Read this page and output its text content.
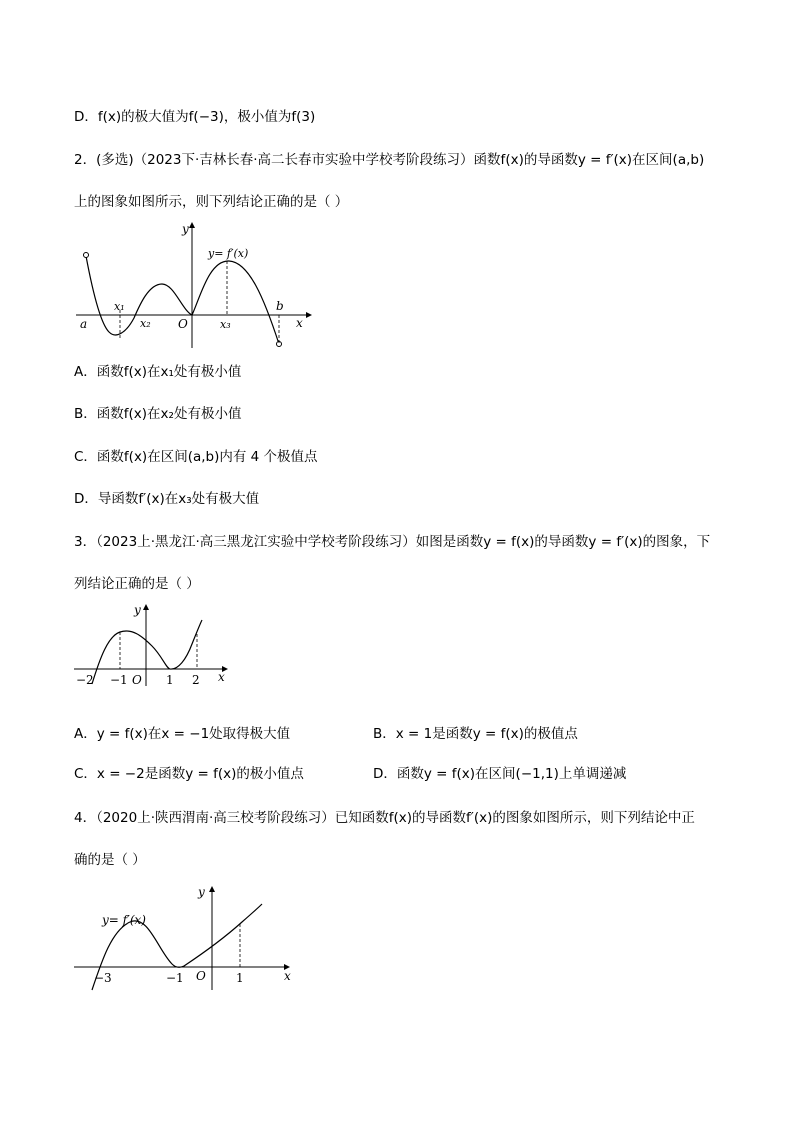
D．f(x)的极大值为f(−3)，极小值为f(3)
2．(多选)（2023下·吉林长春·高二长春市实验中学校考阶段练习）函数f(x)的导函数y = f′(x)在区间(a,b)
上的图象如图所示，则下列结论正确的是（ ）
y
x
O
a
b
x₁
x₂	x₃
y= f′(x)
A．函数f(x)在x₁处有极小值
B．函数f(x)在x₂处有极小值
C．函数f(x)在区间(a,b)内有 4 个极值点
D．导函数f′(x)在x₃处有极大值
3．（2023上·黑龙江·高三黑龙江实验中学校考阶段练习）如图是函数y = f(x)的导函数y = f′(x)的图象，下
列结论正确的是（ ）
y
x
O
−2 −1	1 2
A．y = f(x)在x = −1处取得极大值	B．x = 1是函数y = f(x)的极值点
C．x = −2是函数y = f(x)的极小值点	D．函数y = f(x)在区间(−1,1)上单调递减
4．（2020上·陕西渭南·高三校考阶段练习）已知函数f(x)的导函数f′(x)的图象如图所示，则下列结论中正
确的是（ ）
y
x
O
−3	−1	1
y= f′(x)
